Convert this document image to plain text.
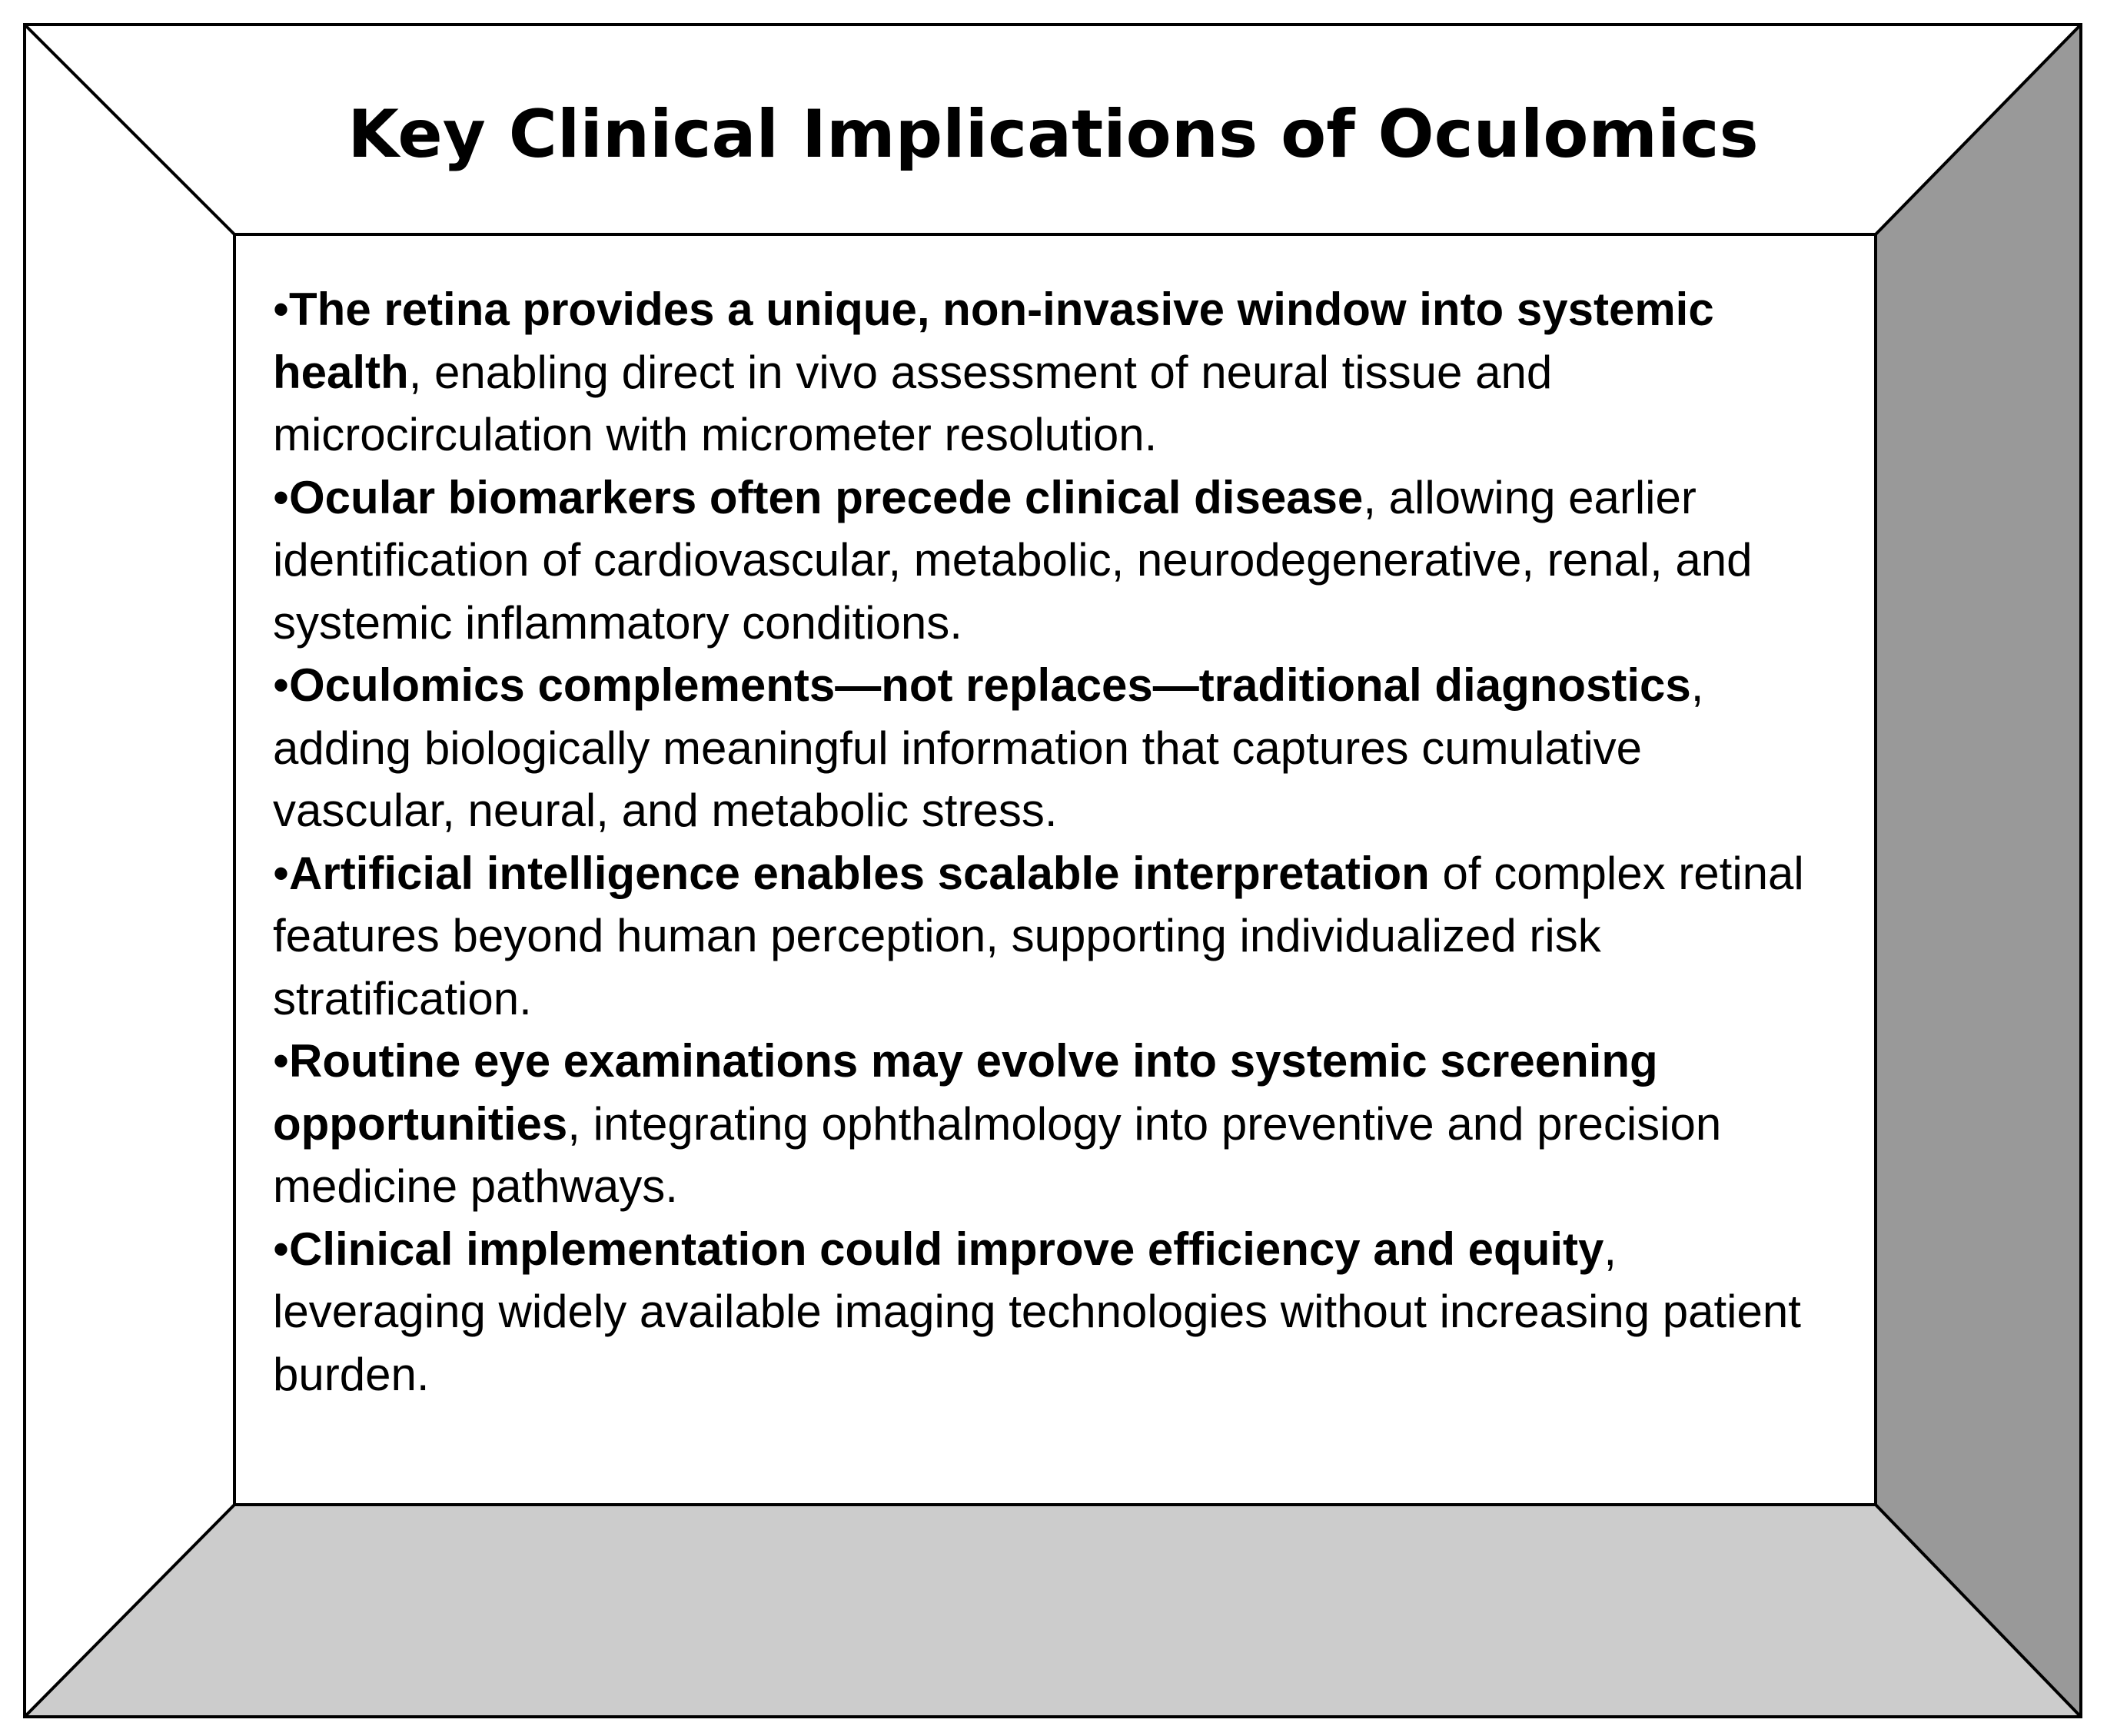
Key Clinical Implications of Oculomics

•The retina provides a unique, non-invasive window into systemic health, enabling direct in vivo assessment of neural tissue and microcirculation with micrometer resolution.

•Ocular biomarkers often precede clinical disease, allowing earlier identification of cardiovascular, metabolic, neurodegenerative, renal, and systemic inflammatory conditions.

•Oculomics complements—not replaces—traditional diagnostics, adding biologically meaningful information that captures cumulative vascular, neural, and metabolic stress.

•Artificial intelligence enables scalable interpretation of complex retinal features beyond human perception, supporting individualized risk stratification.

•Routine eye examinations may evolve into systemic screening opportunities, integrating ophthalmology into preventive and precision medicine pathways.

•Clinical implementation could improve efficiency and equity, leveraging widely available imaging technologies without increasing patient burden.
